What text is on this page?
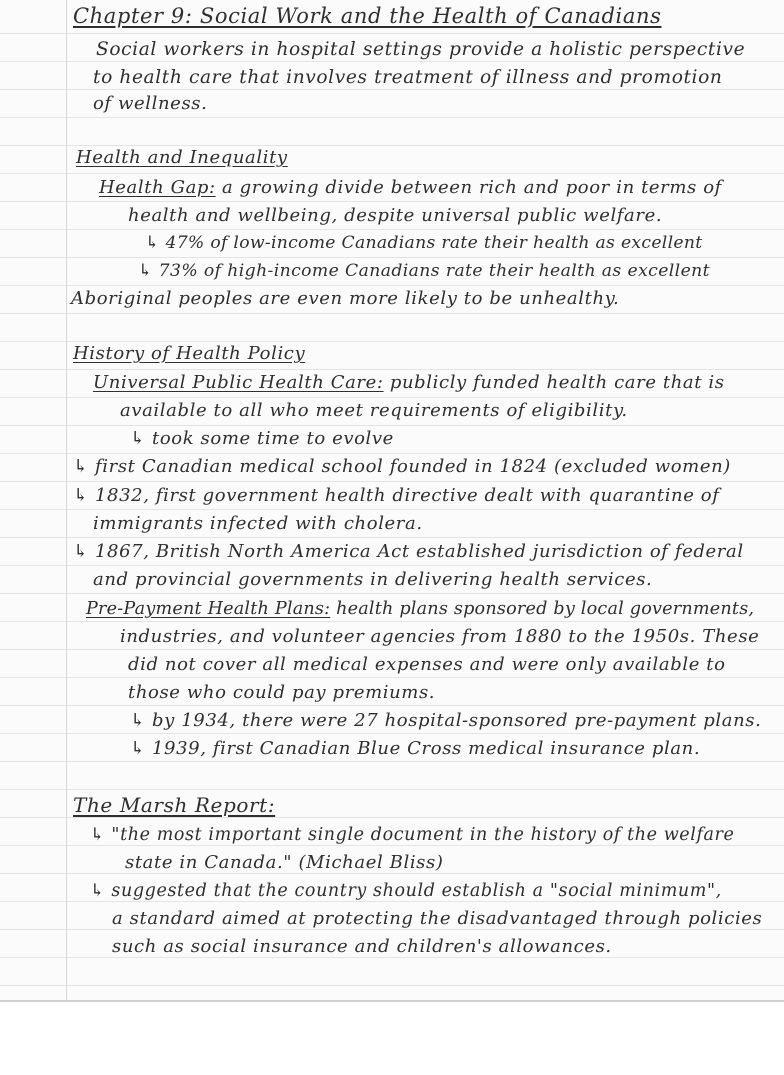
Chapter 9: Social Work and the Health of Canadians
Social workers in hospital settings provide a holistic perspective
to health care that involves treatment of illness and promotion
of wellness.
Health and Inequality
Health Gap: a growing divide between rich and poor in terms of
health and wellbeing, despite universal public welfare.
↳ 47% of low-income Canadians rate their health as excellent
↳ 73% of high-income Canadians rate their health as excellent
Aboriginal peoples are even more likely to be unhealthy.
History of Health Policy
Universal Public Health Care: publicly funded health care that is
available to all who meet requirements of eligibility.
↳ took some time to evolve
↳ first Canadian medical school founded in 1824 (excluded women)
↳ 1832, first government health directive dealt with quarantine of
immigrants infected with cholera.
↳ 1867, British North America Act established jurisdiction of federal
and provincial governments in delivering health services.
Pre-Payment Health Plans: health plans sponsored by local governments,
industries, and volunteer agencies from 1880 to the 1950s. These
did not cover all medical expenses and were only available to
those who could pay premiums.
↳ by 1934, there were 27 hospital-sponsored pre-payment plans.
↳ 1939, first Canadian Blue Cross medical insurance plan.
The Marsh Report:
↳ "the most important single document in the history of the welfare
state in Canada." (Michael Bliss)
↳ suggested that the country should establish a "social minimum",
a standard aimed at protecting the disadvantaged through policies
such as social insurance and children's allowances.
